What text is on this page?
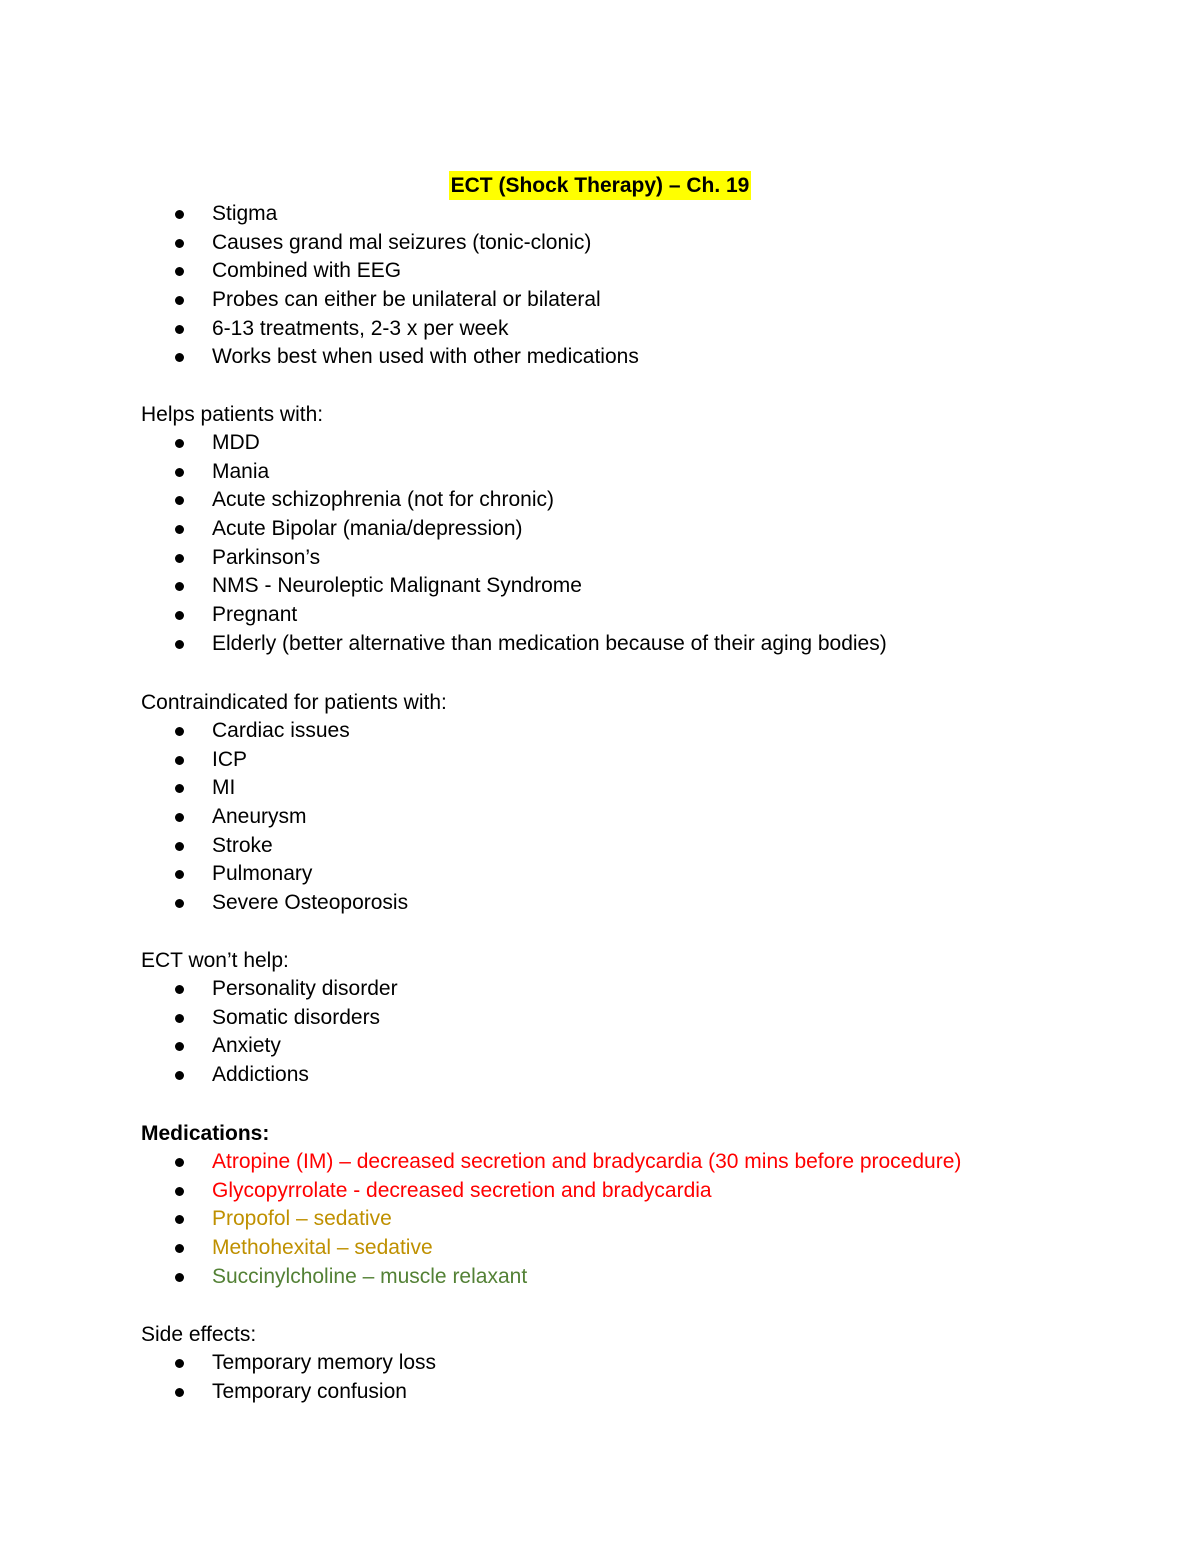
ECT (Shock Therapy) – Ch. 19
Stigma
Causes grand mal seizures (tonic-clonic)
Combined with EEG
Probes can either be unilateral or bilateral
6-13 treatments, 2-3 x per week
Works best when used with other medications
Helps patients with:
MDD
Mania
Acute schizophrenia (not for chronic)
Acute Bipolar (mania/depression)
Parkinson’s
NMS - Neuroleptic Malignant Syndrome
Pregnant
Elderly (better alternative than medication because of their aging bodies)
Contraindicated for patients with:
Cardiac issues
ICP
MI
Aneurysm
Stroke
Pulmonary
Severe Osteoporosis
ECT won’t help:
Personality disorder
Somatic disorders
Anxiety
Addictions
Medications:
Atropine (IM) – decreased secretion and bradycardia (30 mins before procedure)
Glycopyrrolate - decreased secretion and bradycardia
Propofol – sedative
Methohexital – sedative
Succinylcholine – muscle relaxant
Side effects:
Temporary memory loss
Temporary confusion
